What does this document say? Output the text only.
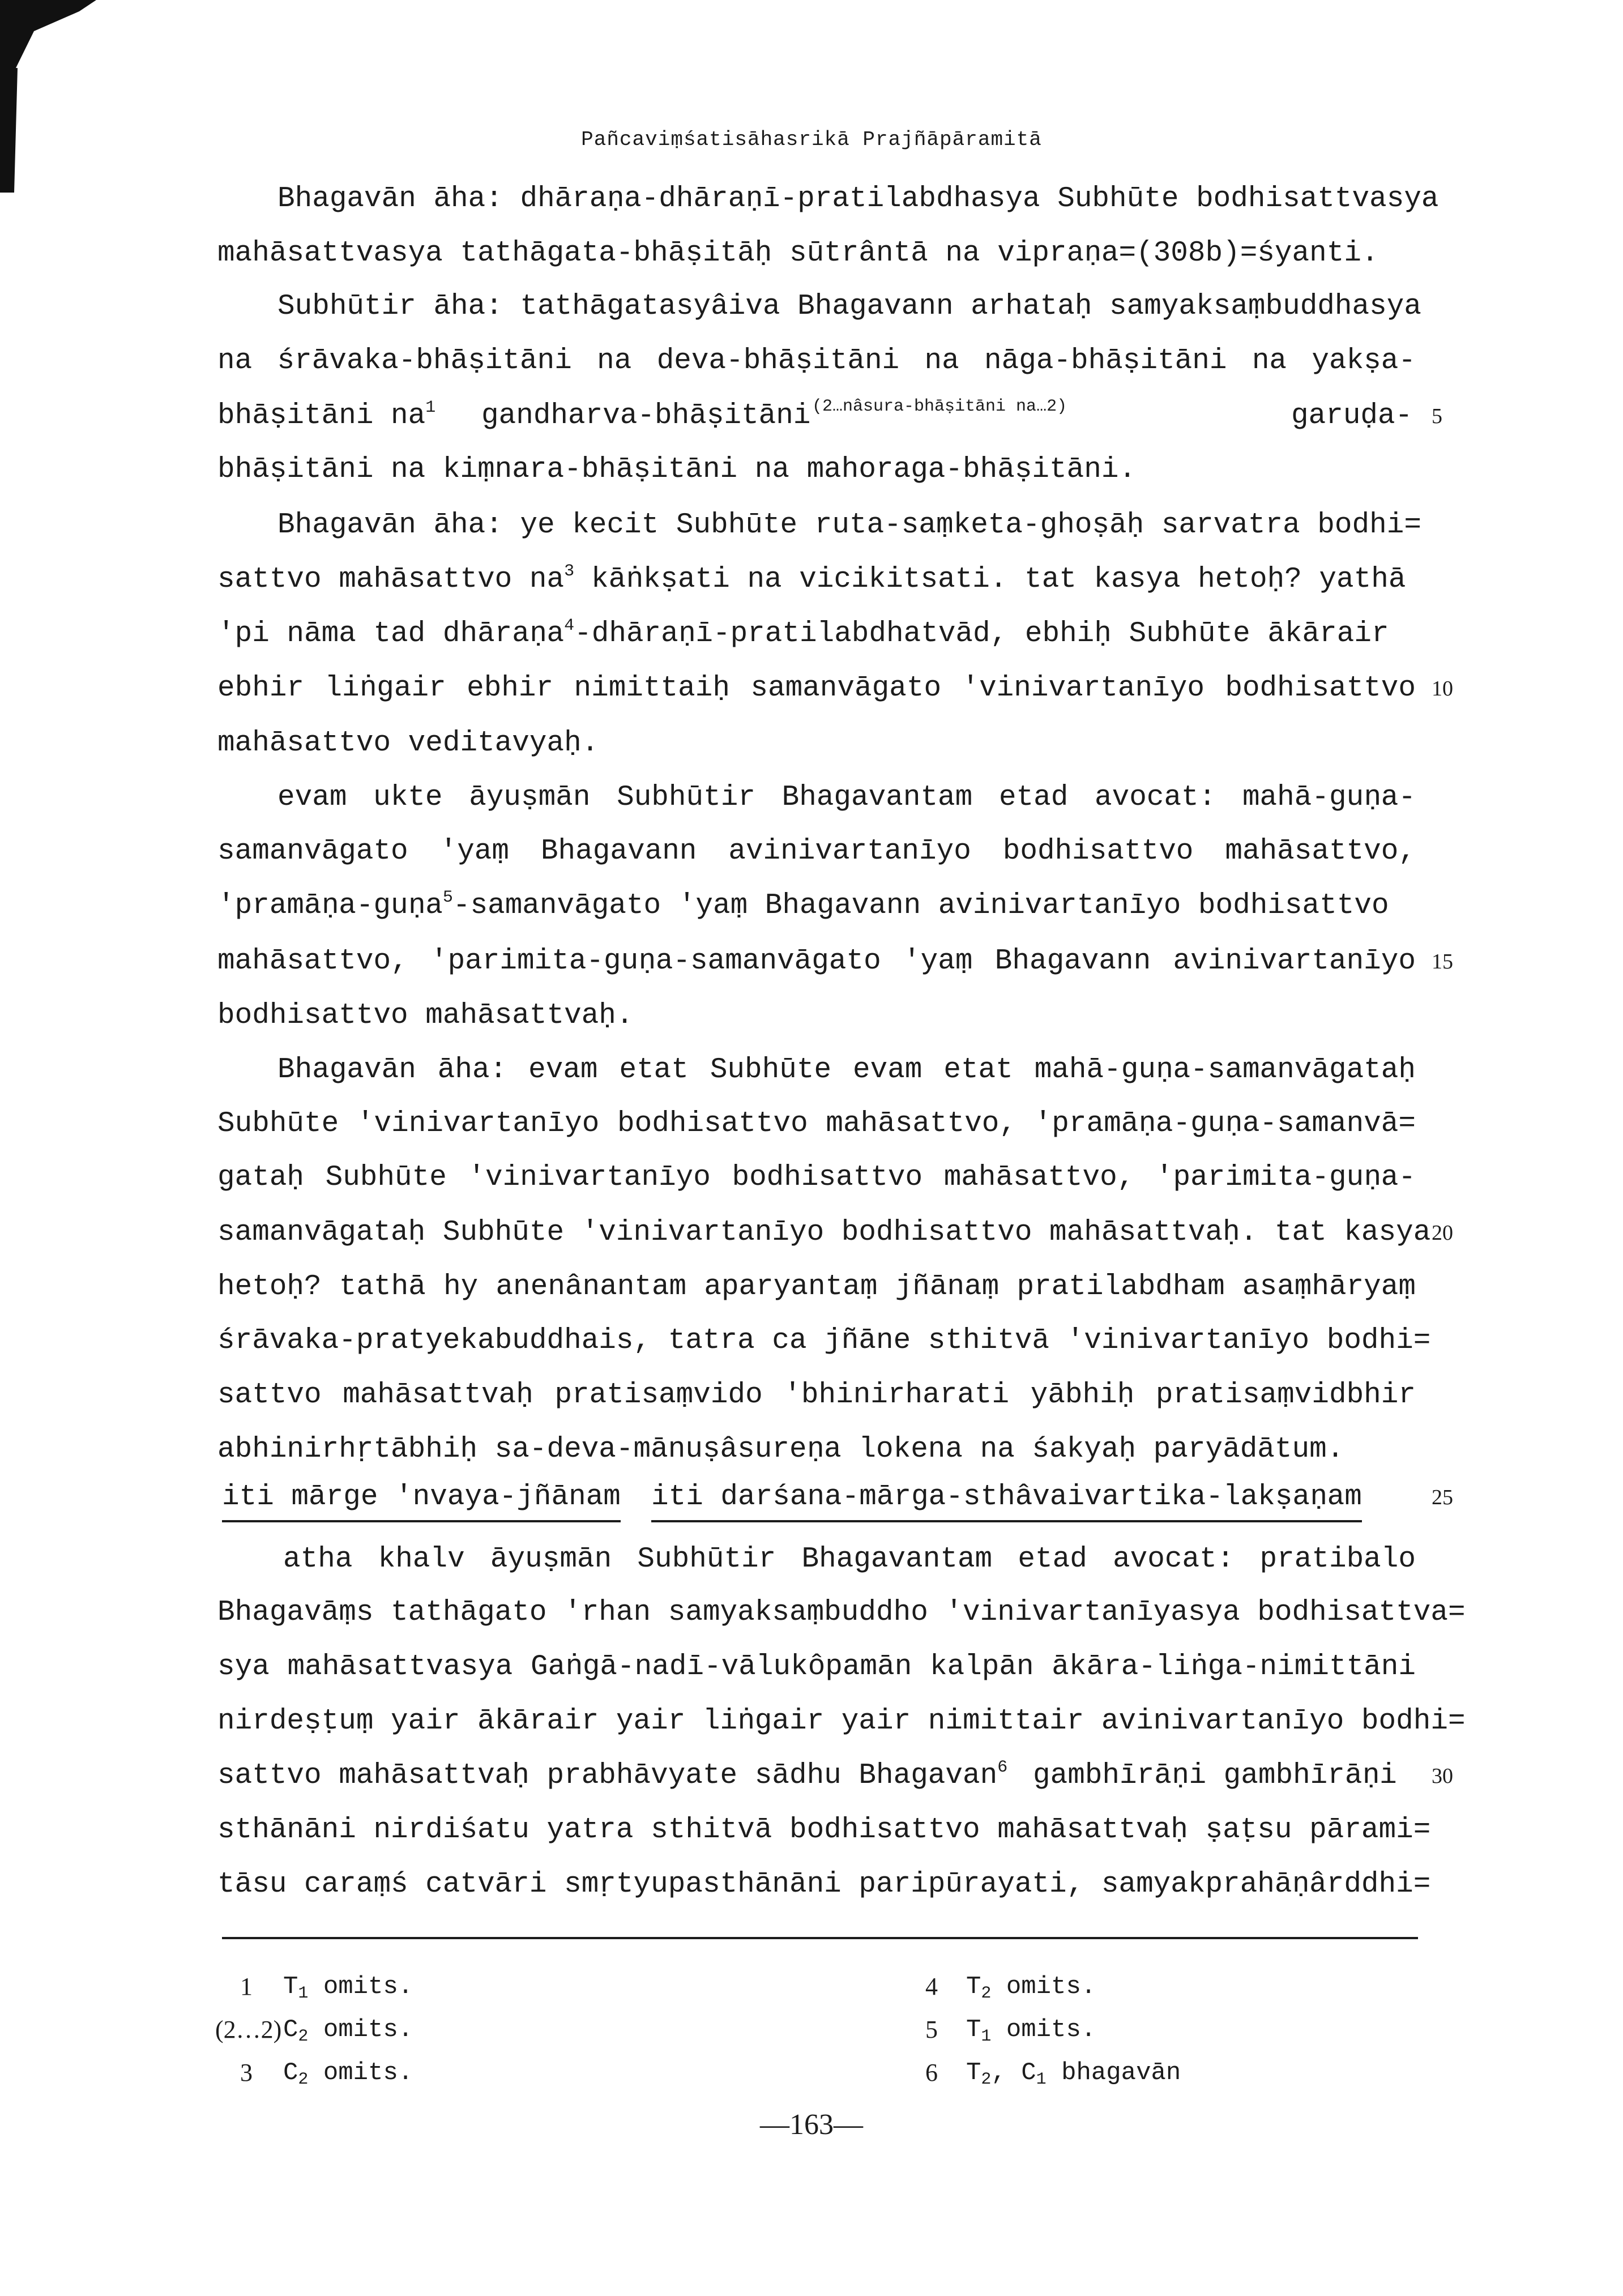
Pañcaviṃśatisāhasrikā Prajñāpāramitā
Bhagavān āha: dhāraṇa-dhāraṇī-pratilabdhasya Subhūte bodhisattvasya
mahāsattvasya tathāgata-bhāṣitāḥ sūtrântā na vipraṇa=(308b)=śyanti.
Subhūtir āha: tathāgatasyâiva Bhagavann arhataḥ samyaksaṃbuddhasya
na śrāvaka-bhāṣitāni na deva-bhāṣitāni na nāga-bhāṣitāni na yakṣa-
bhāṣitāni na$^1$ gandharva-bhāṣitāni $^{(2\dots nâsura-bhāṣitāni na\dots 2)}$	garuḍa- 5
bhāṣitāni na kiṃnara-bhāṣitāni na mahoraga-bhāṣitāni.
Bhagavān āha: ye kecit Subhūte ruta-saṃketa-ghoṣāḥ sarvatra bodhi=
sattvo mahāsattvo na$^3$ kāṅkṣati na vicikitsati. tat kasya hetoḥ? yathā
'pi nāma tad dhāraṇa$^4$-dhāraṇī-pratilabdhatvād, ebhiḥ Subhūte ākārair
ebhir liṅgair ebhir nimittaiḥ samanvāgato 'vinivartanīyo bodhisattvo 10
mahāsattvo veditavyaḥ.
evam ukte āyuṣmān Subhūtir Bhagavantam etad avocat: mahā-guṇa-
samanvāgato 'yaṃ Bhagavann avinivartanīyo bodhisattvo mahāsattvo,
'pramāṇa-guṇa$^5$-samanvāgato 'yaṃ Bhagavann avinivartanīyo bodhisattvo
mahāsattvo, 'parimita-guṇa-samanvāgato 'yaṃ Bhagavann avinivartanīyo 15
bodhisattvo mahāsattvaḥ.
Bhagavān āha: evam etat Subhūte evam etat mahā-guṇa-samanvāgataḥ
Subhūte 'vinivartanīyo bodhisattvo mahāsattvo, 'pramāṇa-guṇa-samanvā=
gataḥ Subhūte 'vinivartanīyo bodhisattvo mahāsattvo, 'parimita-guṇa-
samanvāgataḥ Subhūte 'vinivartanīyo bodhisattvo mahāsattvaḥ. tat kasya 20
hetoḥ? tathā hy anenânantam aparyantaṃ jñānaṃ pratilabdham asaṃhāryaṃ
śrāvaka-pratyekabuddhais, tatra ca jñāne sthitvā 'vinivartanīyo bodhi=
sattvo mahāsattvaḥ pratisaṃvido 'bhinirharati yābhiḥ pratisaṃvidbhir
abhinirhṛtābhiḥ sa-deva-mānuṣâsureṇa lokena na śakyaḥ paryādātum.
iti mārge 'nvaya-jñānam iti darśana-mārga-sthâvaivartika-lakṣaṇam	25
atha khalv āyuṣmān Subhūtir Bhagavantam etad avocat: pratibalo
Bhagavāṃs tathāgato 'rhan samyaksaṃbuddho 'vinivartanīyasya bodhisattva=
sya mahāsattvasya Gaṅgā-nadī-vālukôpamān kalpān ākāra-liṅga-nimittāni
nirdeṣṭuṃ yair ākārair yair liṅgair yair nimittair avinivartanīyo bodhi=
sattvo mahāsattvaḥ prabhāvyate sādhu Bhagavan$^6$ gambhīrāṇi gambhīrāṇi 30
sthānāni nirdiśatu yatra sthitvā bodhisattvo mahāsattvaḥ ṣaṭsu pārami=
tāsu caraṃś catvāri smṛtyupasthānāni paripūrayati, samyakprahāṇârddhi=
1	$T_1$ omits.
(2…2) $C_2$ omits.
3	$C_2$ omits.
4	$T_2$ omits.
5	$T_1$ omits.
6	$T_2$, $C_1$ bhagavān
—163—
